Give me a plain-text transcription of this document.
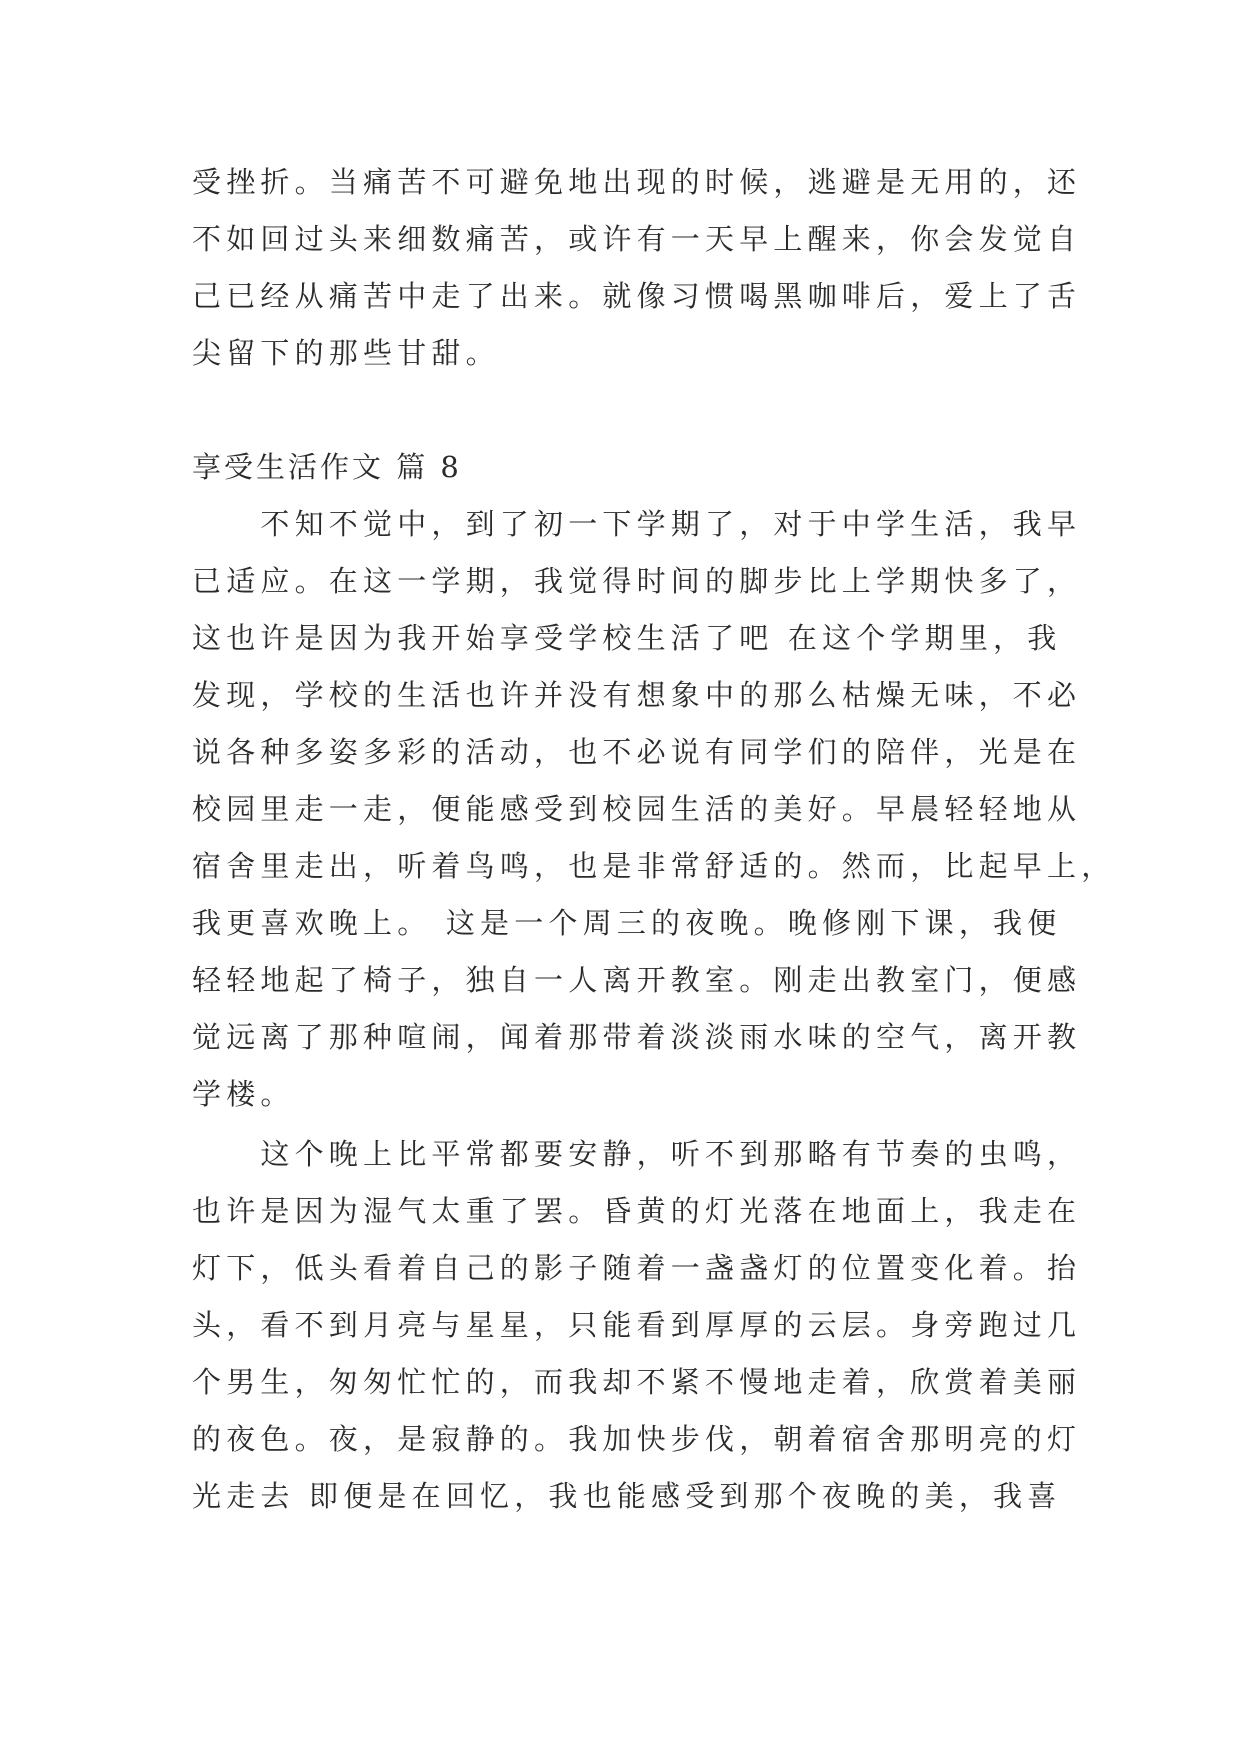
受挫折。当痛苦不可避免地出现的时候，逃避是无用的，还
不如回过头来细数痛苦，或许有一天早上醒来，你会发觉自
己已经从痛苦中走了出来。就像习惯喝黑咖啡后，爱上了舌
尖留下的那些甘甜。
享受生活作文 篇 8
　　不知不觉中，到了初一下学期了，对于中学生活，我早
已适应。在这一学期，我觉得时间的脚步比上学期快多了，
这也许是因为我开始享受学校生活了吧 在这个学期里，我
发现，学校的生活也许并没有想象中的那么枯燥无味，不必
说各种多姿多彩的活动，也不必说有同学们的陪伴，光是在
校园里走一走，便能感受到校园生活的美好。早晨轻轻地从
宿舍里走出，听着鸟鸣，也是非常舒适的。然而，比起早上，
我更喜欢晚上。 这是一个周三的夜晚。晚修刚下课，我便
轻轻地起了椅子，独自一人离开教室。刚走出教室门，便感
觉远离了那种喧闹，闻着那带着淡淡雨水味的空气，离开教
学楼。
　　这个晚上比平常都要安静，听不到那略有节奏的虫鸣，
也许是因为湿气太重了罢。昏黄的灯光落在地面上，我走在
灯下，低头看着自己的影子随着一盏盏灯的位置变化着。抬
头，看不到月亮与星星，只能看到厚厚的云层。身旁跑过几
个男生，匆匆忙忙的，而我却不紧不慢地走着，欣赏着美丽
的夜色。夜，是寂静的。我加快步伐，朝着宿舍那明亮的灯
光走去 即便是在回忆，我也能感受到那个夜晚的美，我喜
